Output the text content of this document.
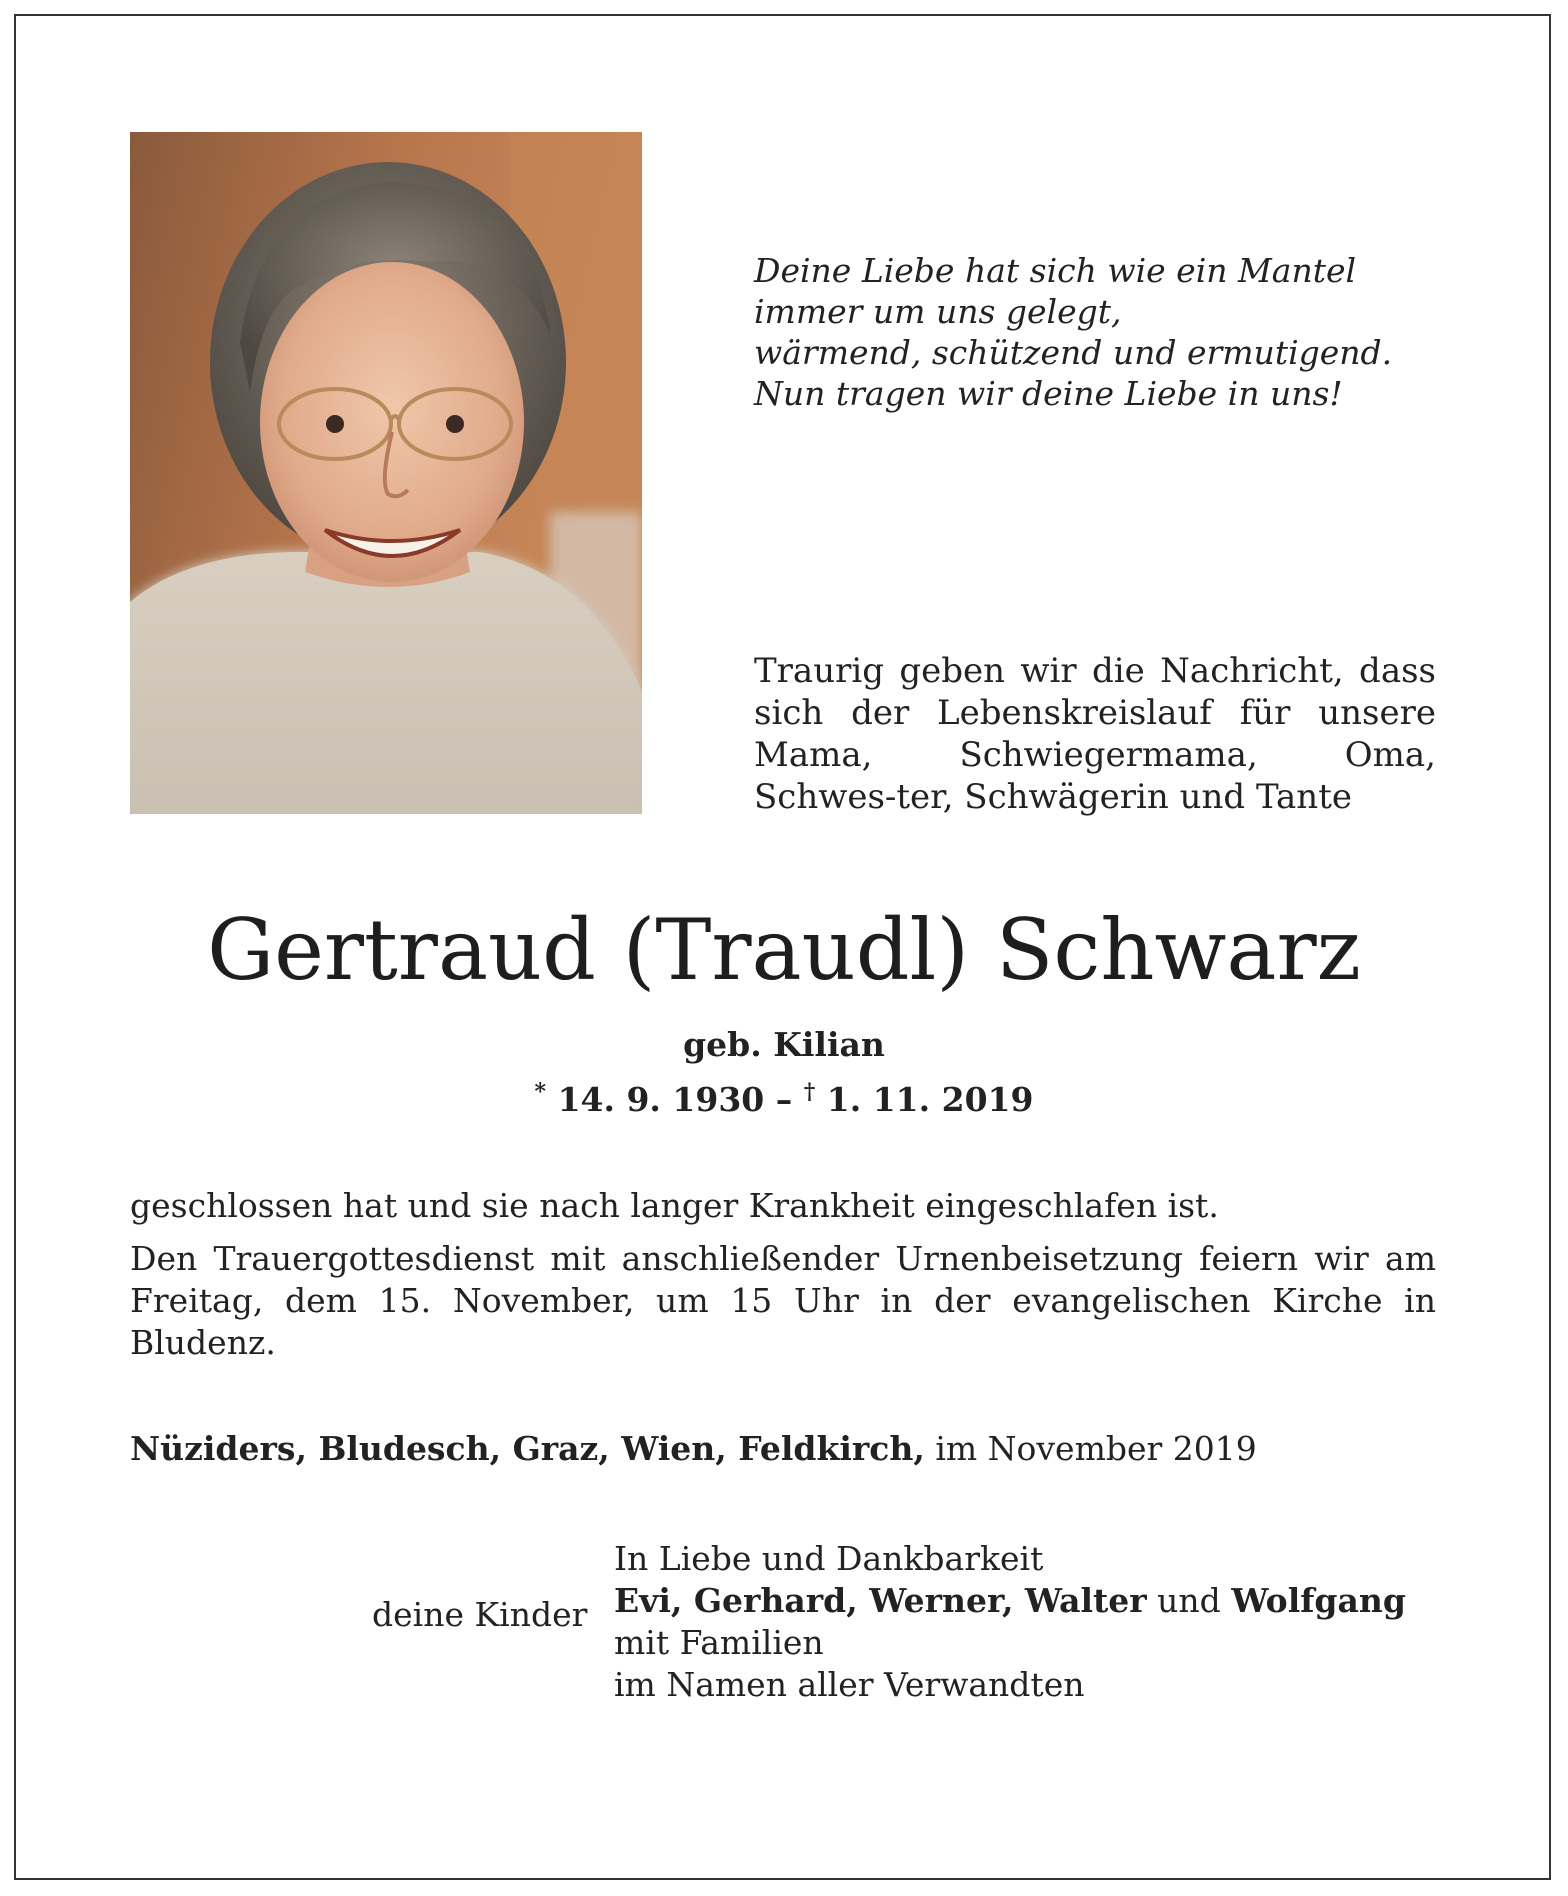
Deine Liebe hat sich wie ein Mantel
immer um uns gelegt,
wärmend, schützend und ermutigend.
Nun tragen wir deine Liebe in uns!
Traurig geben wir die Nachricht, dass sich der Lebenskreislauf für unsere Mama, Schwiegermama, Oma, Schwes-ter, Schwägerin und Tante
Gertraud (Traudl) Schwarz
geb. Kilian
* 14. 9. 1930 – † 1. 11. 2019
geschlossen hat und sie nach langer Krankheit eingeschlafen ist.
Den Trauergottesdienst mit anschließender Urnenbeisetzung feiern wir am Freitag, dem 15. November, um 15 Uhr in der evangelischen Kirche in Bludenz.
Nüziders, Bludesch, Graz, Wien, Feldkirch, im November 2019
In Liebe und Dankbarkeit
Evi, Gerhard, Werner, Walter und Wolfgang
mit Familien
im Namen aller Verwandten
deine Kinder
